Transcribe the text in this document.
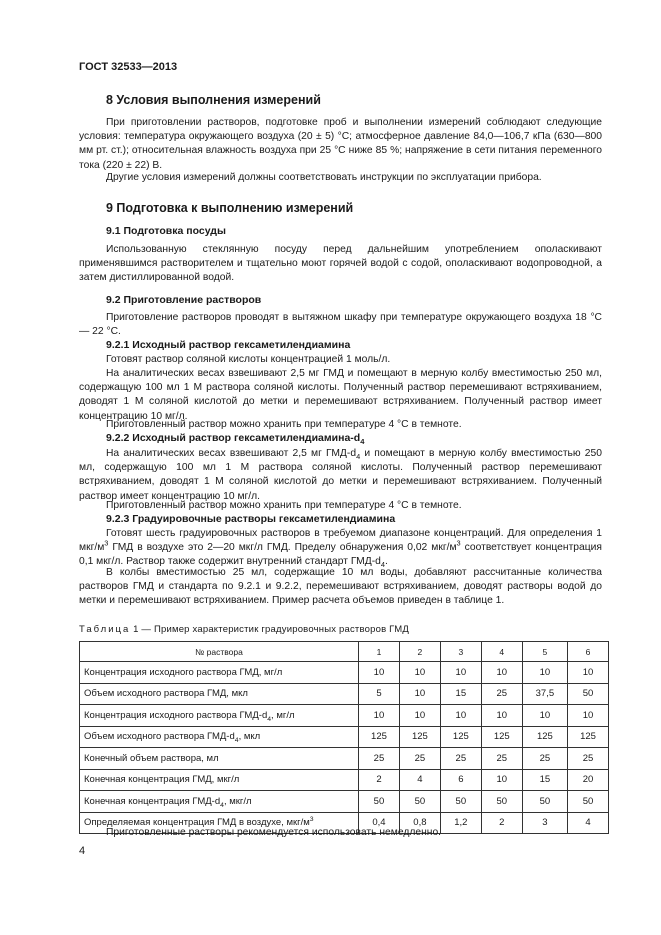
ГОСТ 32533—2013
8 Условия выполнения измерений
При приготовлении растворов, подготовке проб и выполнении измерений соблюдают следующие условия: температура окружающего воздуха (20 ± 5) °С; атмосферное давление 84,0—106,7 кПа (630—800 мм рт. ст.); относительная влажность воздуха при 25 °С ниже 85 %; напряжение в сети питания переменного тока (220 ± 22) В.
Другие условия измерений должны соответствовать инструкции по эксплуатации прибора.
9 Подготовка к выполнению измерений
9.1 Подготовка посуды
Использованную стеклянную посуду перед дальнейшим употреблением ополаскивают применявшимся растворителем и тщательно моют горячей водой с содой, ополаскивают водопроводной, а затем дистиллированной водой.
9.2 Приготовление растворов
Приготовление растворов проводят в вытяжном шкафу при температуре окружающего воздуха 18 °С — 22 °С.
9.2.1 Исходный раствор гексаметилендиамина
Готовят раствор соляной кислоты концентрацией 1 моль/л.
На аналитических весах взвешивают 2,5 мг ГМД и помещают в мерную колбу вместимостью 250 мл, содержащую 100 мл 1 М раствора соляной кислоты. Полученный раствор перемешивают встряхиванием, доводят 1 М соляной кислотой до метки и перемешивают встряхиванием. Полученный раствор имеет концентрацию 10 мг/л.
Приготовленный раствор можно хранить при температуре 4 °С в темноте.
9.2.2 Исходный раствор гексаметилендиамина-$d_4$
На аналитических весах взвешивают 2,5 мг ГМД-$d_4$ и помещают в мерную колбу вместимостью 250 мл, содержащую 100 мл 1 М раствора соляной кислоты. Полученный раствор перемешивают встряхиванием, доводят 1 М соляной кислотой до метки и перемешивают встряхиванием. Полученный раствор имеет концентрацию 10 мг/л.
Приготовленный раствор можно хранить при температуре 4 °С в темноте.
9.2.3 Градуировочные растворы гексаметилендиамина
Готовят шесть градуировочных растворов в требуемом диапазоне концентраций. Для определения 1 мкг/$м^3$ ГМД в воздухе это 2—20 мкг/л ГМД. Пределу обнаружения 0,02 мкг/$м^3$ соответствует концентрация 0,1 мкг/л. Раствор также содержит внутренний стандарт ГМД-$d_4$.
В колбы вместимостью 25 мл, содержащие 10 мл воды, добавляют рассчитанные количества растворов ГМД и стандарта по 9.2.1 и 9.2.2, перемешивают встряхиванием, доводят растворы водой до метки и перемешивают встряхиванием. Пример расчета объемов приведен в таблице 1.
Таблица 1 — Пример характеристик градуировочных растворов ГМД
№ раствора	1	2	3	4	5	6
Концентрация исходного раствора ГМД, мг/л	10	10	10	10	10	10
Объем исходного раствора ГМД, мкл	5	10	15	25	37,5	50
Концентрация исходного раствора ГМД-$d_4$, мг/л	10	10	10	10	10	10
Объем исходного раствора ГМД-$d_4$, мкл	125	125	125	125	125	125
Конечный объем раствора, мл	25	25	25	25	25	25
Конечная концентрация ГМД, мкг/л	2	4	6	10	15	20
Конечная концентрация ГМД-$d_4$, мкг/л	50	50	50	50	50	50
Определяемая концентрация ГМД в воздухе, мкг/$м^3$	0,4	0,8	1,2	2	3	4
Приготовленные растворы рекомендуется использовать немедленно.
4
